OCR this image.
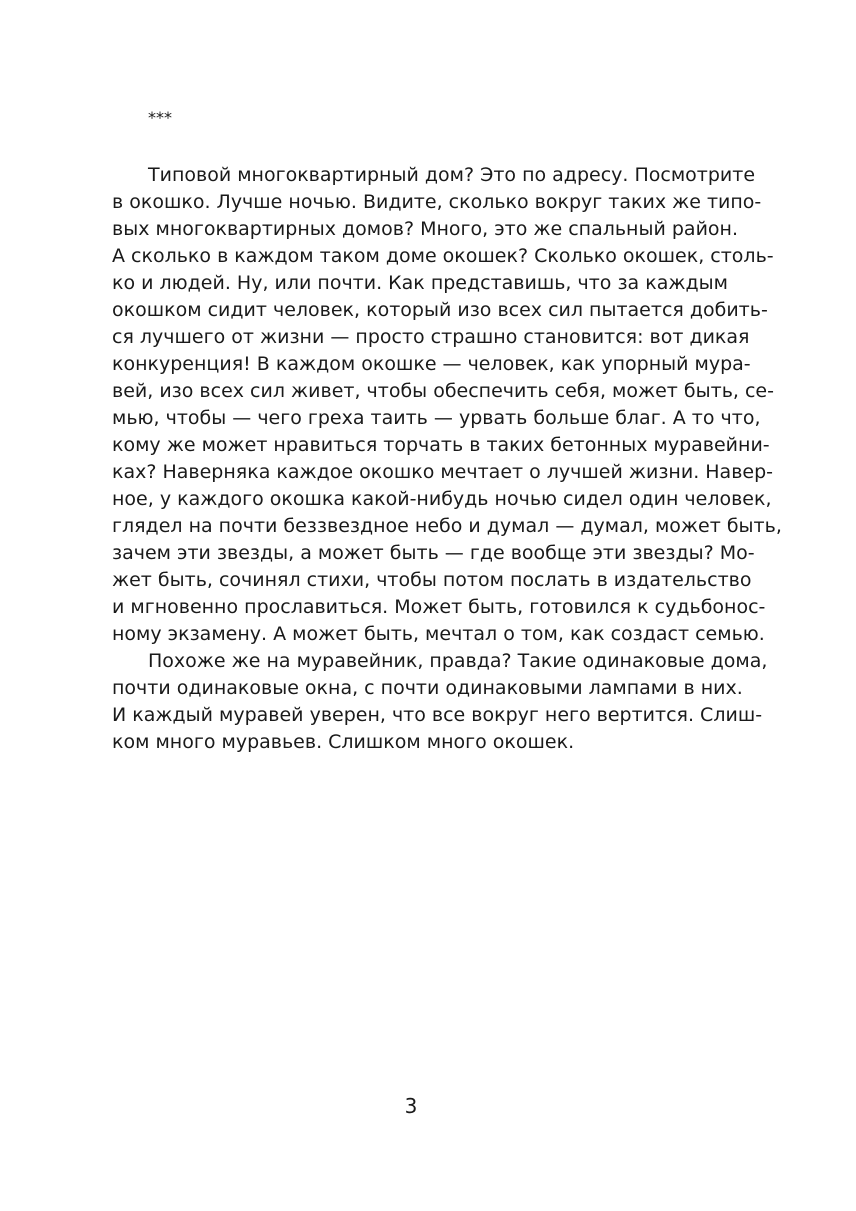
***
Типовой многоквартирный дом? Это по адресу. Посмотрите
в окошко. Лучше ночью. Видите, сколько вокруг таких же типо-
вых многоквартирных домов? Много, это же спальный район.
А сколько в каждом таком доме окошек? Сколько окошек, столь-
ко и людей. Ну, или почти. Как представишь, что за каждым
окошком сидит человек, который изо всех сил пытается добить-
ся лучшего от жизни — просто страшно становится: вот дикая
конкуренция! В каждом окошке — человек, как упорный мура-
вей, изо всех сил живет, чтобы обеспечить себя, может быть, се-
мью, чтобы — чего греха таить — урвать больше благ. А то что,
кому же может нравиться торчать в таких бетонных муравейни-
ках? Наверняка каждое окошко мечтает о лучшей жизни. Навер-
ное, у каждого окошка какой-нибудь ночью сидел один человек,
глядел на почти беззвездное небо и думал — думал, может быть,
зачем эти звезды, а может быть — где вообще эти звезды? Мо-
жет быть, сочинял стихи, чтобы потом послать в издательство
и мгновенно прославиться. Может быть, готовился к судьбонос-
ному экзамену. А может быть, мечтал о том, как создаст семью.
Похоже же на муравейник, правда? Такие одинаковые дома,
почти одинаковые окна, с почти одинаковыми лампами в них.
И каждый муравей уверен, что все вокруг него вертится. Слиш-
ком много муравьев. Слишком много окошек.
3
